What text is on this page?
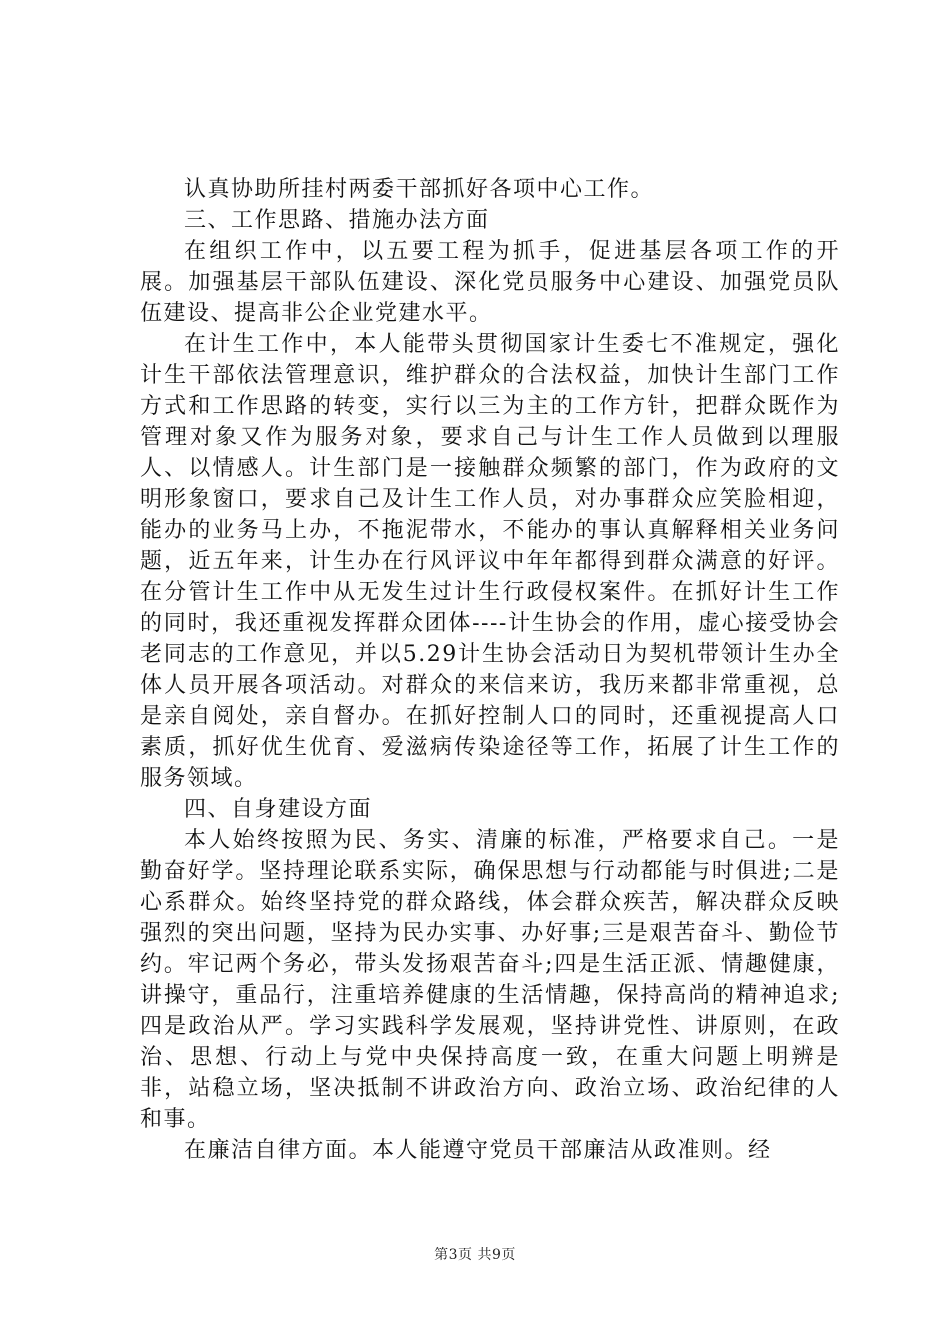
认真协助所挂村两委干部抓好各项中心工作。

三、工作思路、措施办法方面

在组织工作中，以五要工程为抓手，促进基层各项工作的开展。加强基层干部队伍建设、深化党员服务中心建设、加强党员队伍建设、提高非公企业党建水平。

在计生工作中，本人能带头贯彻国家计生委七不准规定，强化计生干部依法管理意识，维护群众的合法权益，加快计生部门工作方式和工作思路的转变，实行以三为主的工作方针，把群众既作为管理对象又作为服务对象，要求自己与计生工作人员做到以理服人、以情感人。计生部门是一接触群众频繁的部门，作为政府的文明形象窗口，要求自己及计生工作人员，对办事群众应笑脸相迎，能办的业务马上办，不拖泥带水，不能办的事认真解释相关业务问题，近五年来，计生办在行风评议中年年都得到群众满意的好评。在分管计生工作中从无发生过计生行政侵权案件。在抓好计生工作的同时，我还重视发挥群众团体----计生协会的作用，虚心接受协会老同志的工作意见，并以5.29计生协会活动日为契机带领计生办全体人员开展各项活动。对群众的来信来访，我历来都非常重视，总是亲自阅处，亲自督办。在抓好控制人口的同时，还重视提高人口素质，抓好优生优育、爱滋病传染途径等工作，拓展了计生工作的服务领域。

四、自身建设方面

本人始终按照为民、务实、清廉的标准，严格要求自己。一是勤奋好学。坚持理论联系实际，确保思想与行动都能与时俱进;二是心系群众。始终坚持党的群众路线，体会群众疾苦，解决群众反映强烈的突出问题，坚持为民办实事、办好事;三是艰苦奋斗、勤俭节约。牢记两个务必，带头发扬艰苦奋斗;四是生活正派、情趣健康，讲操守，重品行，注重培养健康的生活情趣，保持高尚的精神追求;四是政治从严。学习实践科学发展观，坚持讲党性、讲原则，在政治、思想、行动上与党中央保持高度一致，在重大问题上明辨是非，站稳立场，坚决抵制不讲政治方向、政治立场、政治纪律的人和事。

在廉洁自律方面。本人能遵守党员干部廉洁从政准则。经

第3页 共9页
